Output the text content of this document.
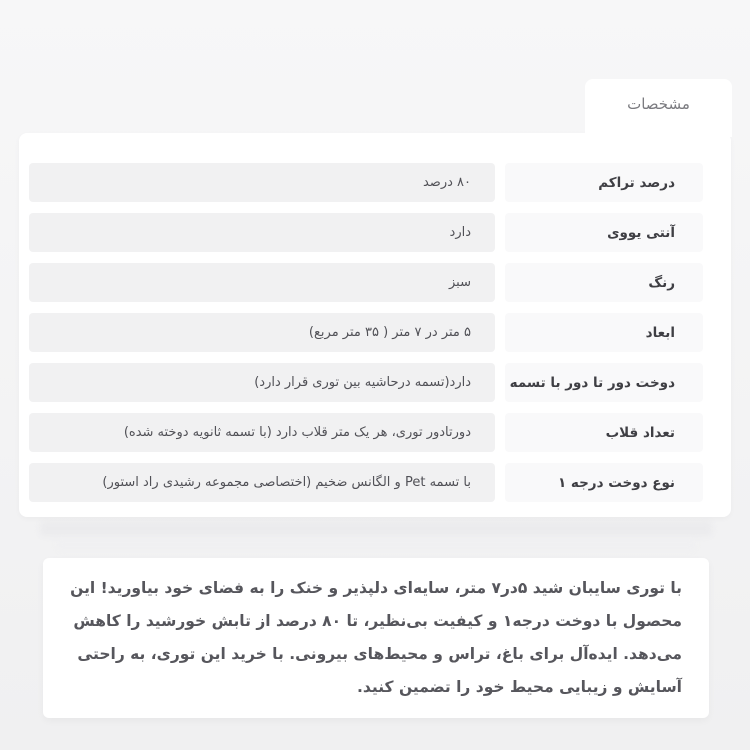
مشخصات
درصد تراکم
۸۰ درصد
آنتی یووی
دارد
رنگ
سبز
ابعاد
۵ متر در ۷ متر ( ۳۵ متر مربع)
دوخت دور تا دور با تسمه
دارد(تسمه درحاشیه بین توری قرار دارد)
تعداد قلاب
دورتادور توری، هر یک متر قلاب دارد (با تسمه ثانویه دوخته شده)
نوع دوخت درجه ۱
با تسمه Pet و الگانس ضخیم (اختصاصی مجموعه رشیدی راد استور)

با توری سایبان شید ۵در۷ متر، سایه‌ای دلپذیر و خنک را به فضای خود بیاورید! این محصول با دوخت درجه۱ و کیفیت بی‌نظیر، تا ۸۰ درصد از تابش خورشید را کاهش می‌دهد. ایده‌آل برای باغ، تراس و محیط‌های بیرونی. با خرید این توری، به راحتی آسایش و زیبایی محیط خود را تضمین کنید.
